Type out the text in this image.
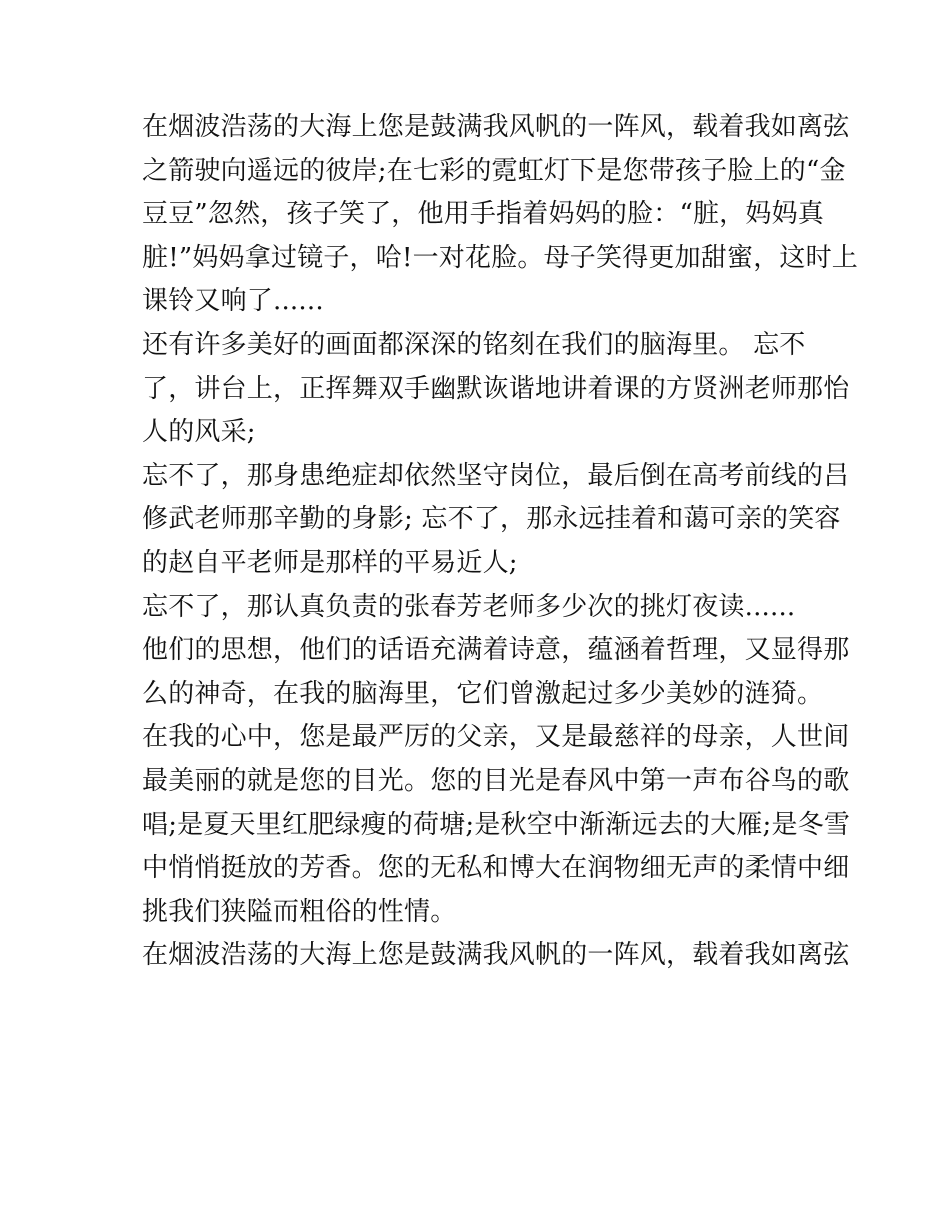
在烟波浩荡的大海上您是鼓满我风帆的一阵风，载着我如离弦
之箭驶向遥远的彼岸;在七彩的霓虹灯下是您带孩子脸上的“金
豆豆”忽然，孩子笑了，他用手指着妈妈的脸：“脏，妈妈真
脏!”妈妈拿过镜子，哈!一对花脸。母子笑得更加甜蜜，这时上
课铃又响了......
还有许多美好的画面都深深的铭刻在我们的脑海里。 忘不
了，讲台上，正挥舞双手幽默诙谐地讲着课的方贤洲老师那怡
人的风采;
忘不了，那身患绝症却依然坚守岗位，最后倒在高考前线的吕
修武老师那辛勤的身影; 忘不了，那永远挂着和蔼可亲的笑容
的赵自平老师是那样的平易近人;
忘不了，那认真负责的张春芳老师多少次的挑灯夜读......
他们的思想，他们的话语充满着诗意，蕴涵着哲理，又显得那
么的神奇，在我的脑海里，它们曾激起过多少美妙的涟猗。
在我的心中，您是最严厉的父亲，又是最慈祥的母亲，人世间
最美丽的就是您的目光。您的目光是春风中第一声布谷鸟的歌
唱;是夏天里红肥绿瘦的荷塘;是秋空中渐渐远去的大雁;是冬雪
中悄悄挺放的芳香。您的无私和博大在润物细无声的柔情中细
挑我们狭隘而粗俗的性情。
在烟波浩荡的大海上您是鼓满我风帆的一阵风，载着我如离弦
